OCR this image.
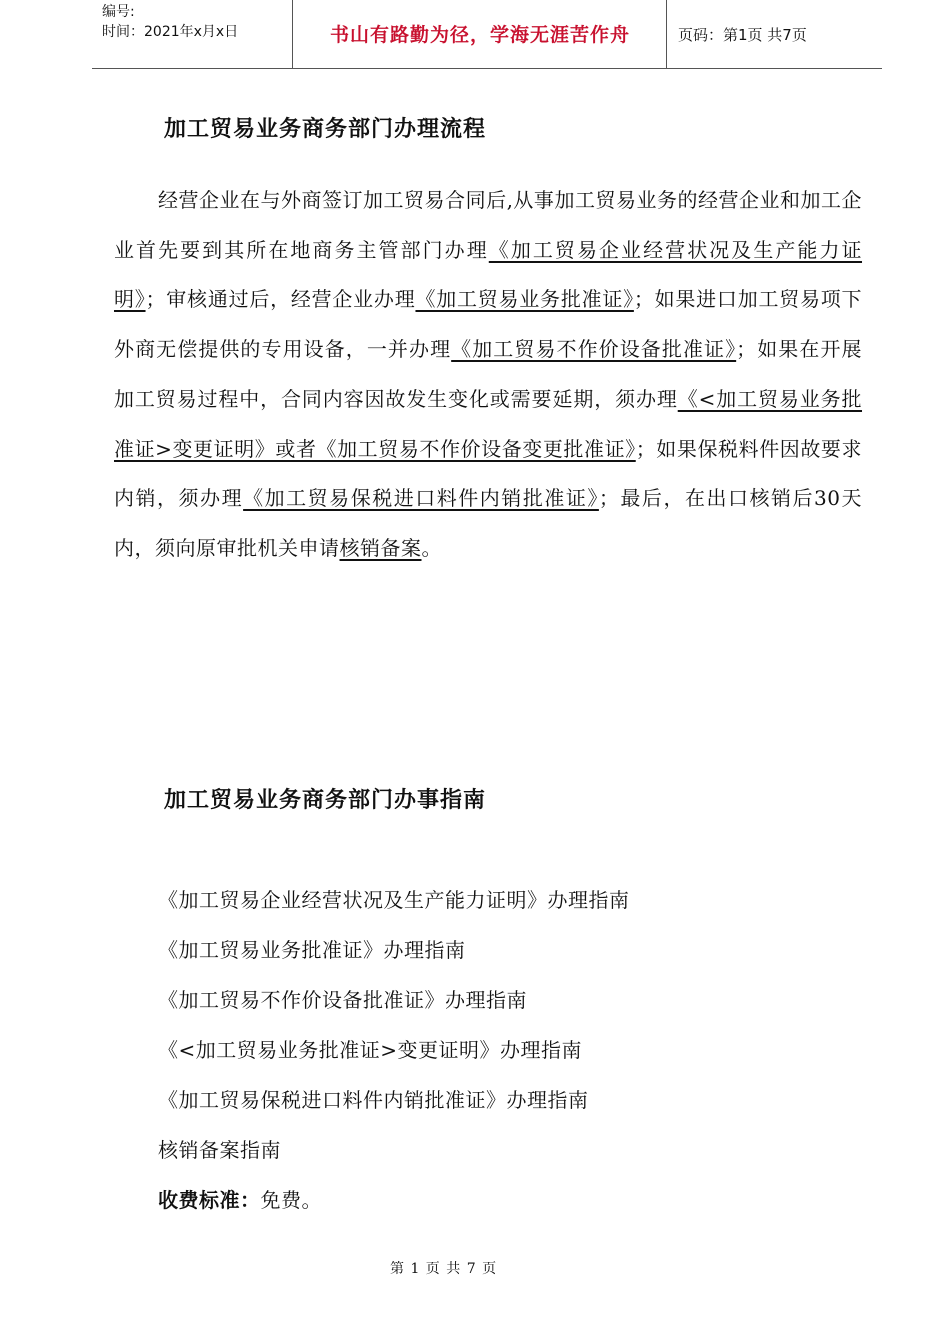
编号:
时间：2021年x月x日	书山有路勤为径，学海无涯苦作舟	页码：第1页 共7页
加工贸易业务商务部门办理流程
经营企业在与外商签订加工贸易合同后,从事加工贸易业务的经营企业和加工企业首先要到其所在地商务主管部门办理《加工贸易企业经营状况及生产能力证明》；审核通过后，经营企业办理《加工贸易业务批准证》；如果进口加工贸易项下外商无偿提供的专用设备，一并办理《加工贸易不作价设备批准证》；如果在开展加工贸易过程中，合同内容因故发生变化或需要延期，须办理《<加工贸易业务批准证>变更证明》或者《加工贸易不作价设备变更批准证》；如果保税料件因故要求内销，须办理《加工贸易保税进口料件内销批准证》；最后，在出口核销后30天内，须向原审批机关申请核销备案。
加工贸易业务商务部门办事指南
《加工贸易企业经营状况及生产能力证明》办理指南
《加工贸易业务批准证》办理指南
《加工贸易不作价设备批准证》办理指南
《<加工贸易业务批准证>变更证明》办理指南
《加工贸易保税进口料件内销批准证》办理指南
核销备案指南
收费标准：免费。
第 1 页 共 7 页
